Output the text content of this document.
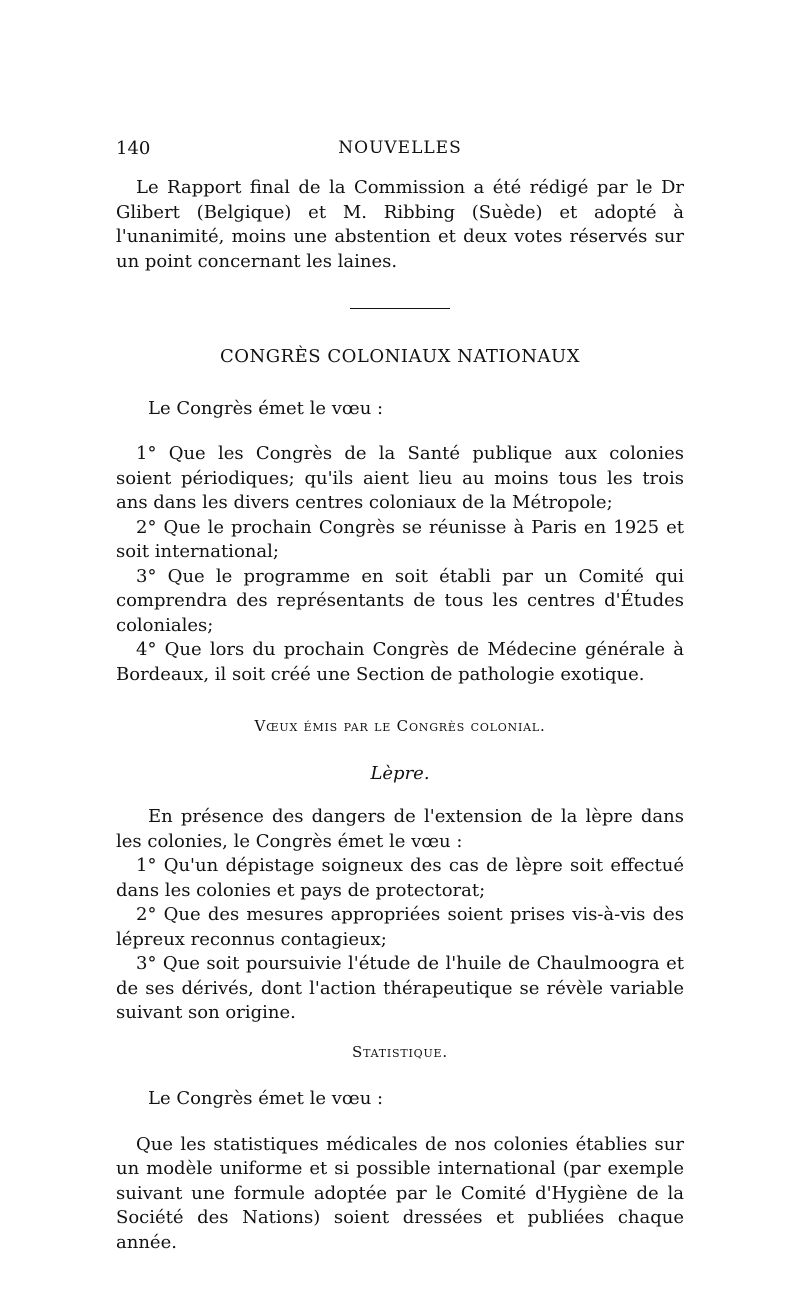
140	NOUVELLES

Le Rapport final de la Commission a été rédigé par le Dr Glibert (Belgique) et M. Ribbing (Suède) et adopté à l'unanimité, moins une abstention et deux votes réservés sur un point concernant les laines.

CONGRÈS COLONIAUX NATIONAUX

Le Congrès émet le vœu :

1° Que les Congrès de la Santé publique aux colonies soient périodiques; qu'ils aient lieu au moins tous les trois ans dans les divers centres coloniaux de la Métropole;

2° Que le prochain Congrès se réunisse à Paris en 1925 et soit international;

3° Que le programme en soit établi par un Comité qui comprendra des représentants de tous les centres d'Études coloniales;

4° Que lors du prochain Congrès de Médecine générale à Bordeaux, il soit créé une Section de pathologie exotique.

Vœux émis par le Congrès colonial.
Lèpre.

En présence des dangers de l'extension de la lèpre dans les colonies, le Congrès émet le vœu :

1° Qu'un dépistage soigneux des cas de lèpre soit effectué dans les colonies et pays de protectorat;

2° Que des mesures appropriées soient prises vis-à-vis des lépreux reconnus contagieux;

3° Que soit poursuivie l'étude de l'huile de Chaulmoogra et de ses dérivés, dont l'action thérapeutique se révèle variable suivant son origine.

Statistique.

Le Congrès émet le vœu :

Que les statistiques médicales de nos colonies établies sur un modèle uniforme et si possible international (par exemple suivant une formule adoptée par le Comité d'Hygiène de la Société des Nations) soient dressées et publiées chaque année.
